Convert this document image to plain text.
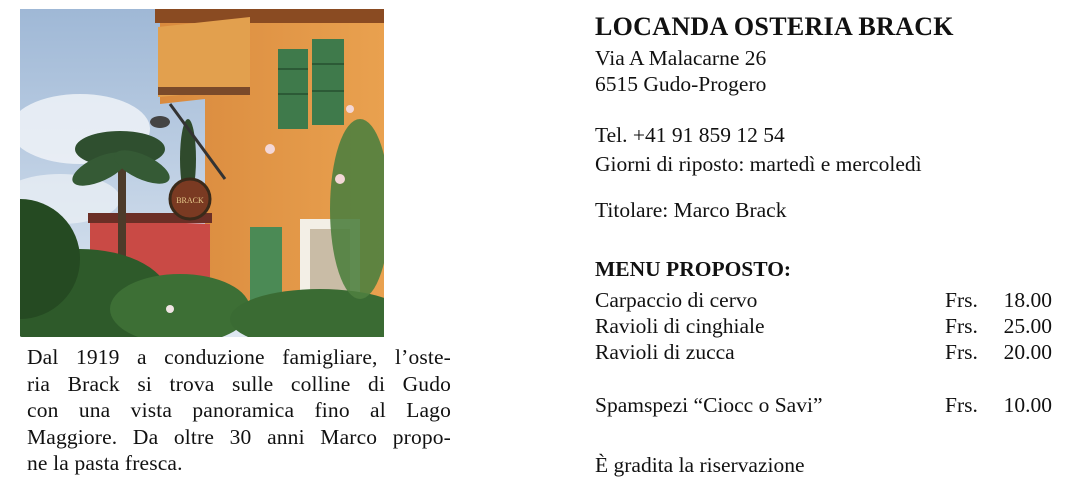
BRACK
Dal 1919 a conduzione famigliare, l’oste-
ria Brack si trova sulle colline di Gudo
con una vista panoramica fino al Lago
Maggiore. Da oltre 30 anni Marco propo-
ne la pasta fresca.
LOCANDA OSTERIA BRACK
Via A Malacarne 26
6515 Gudo-Progero
Tel. +41 91 859 12 54
Giorni di riposto: martedì e mercoledì
Titolare: Marco Brack
MENU PROPOSTO:
Carpaccio di cervo	Frs. 18.00
Ravioli di cinghiale	Frs. 25.00
Ravioli di zucca	Frs. 20.00
Spamspezi “Ciocc o Savi”	Frs. 10.00
È gradita la riservazione
